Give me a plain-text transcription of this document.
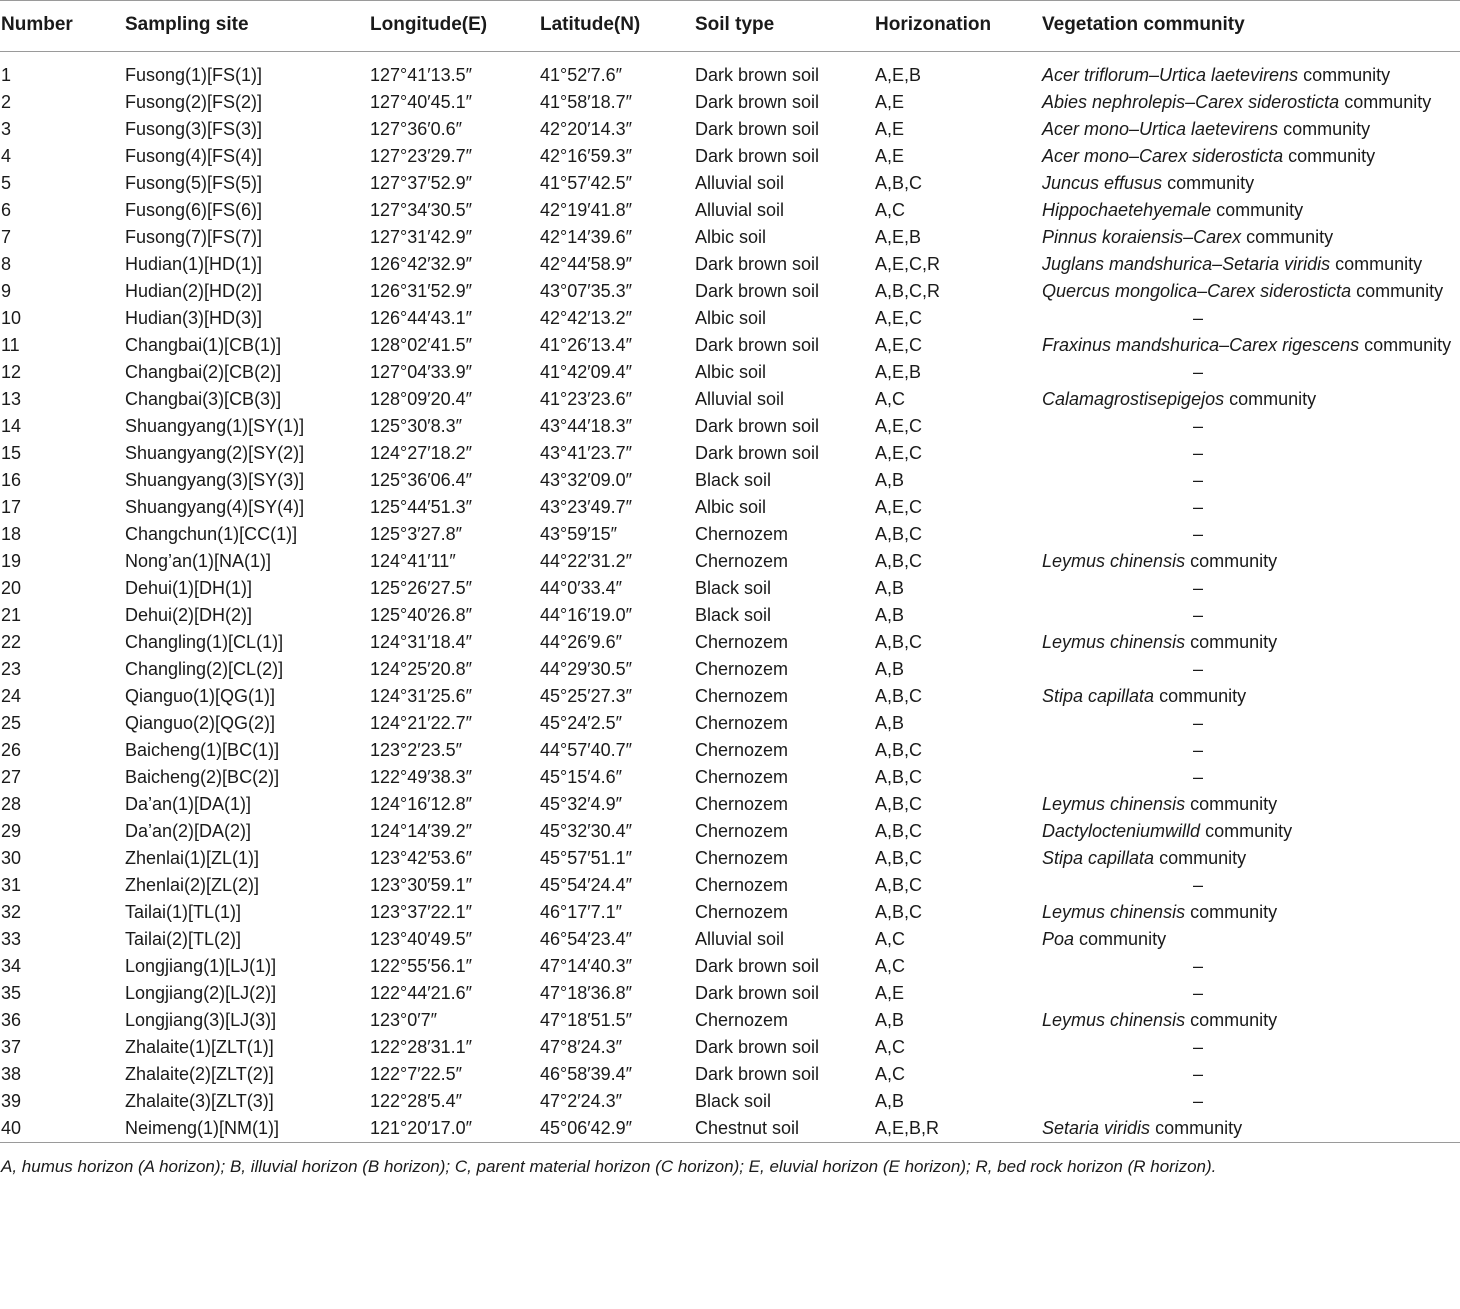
Number	Sampling site	Longitude(E)	Latitude(N)	Soil type	Horizonation	Vegetation community
1	Fusong(1)[FS(1)]	127°41′13.5″	41°52′7.6″	Dark brown soil	A,E,B	Acer triflorum–Urtica laetevirens community
2	Fusong(2)[FS(2)]	127°40′45.1″	41°58′18.7″	Dark brown soil	A,E	Abies nephrolepis–Carex siderosticta community
3	Fusong(3)[FS(3)]	127°36′0.6″	42°20′14.3″	Dark brown soil	A,E	Acer mono–Urtica laetevirens community
4	Fusong(4)[FS(4)]	127°23′29.7″	42°16′59.3″	Dark brown soil	A,E	Acer mono–Carex siderosticta community
5	Fusong(5)[FS(5)]	127°37′52.9″	41°57′42.5″	Alluvial soil	A,B,C	Juncus effusus community
6	Fusong(6)[FS(6)]	127°34′30.5″	42°19′41.8″	Alluvial soil	A,C	Hippochaetehyemale community
7	Fusong(7)[FS(7)]	127°31′42.9″	42°14′39.6″	Albic soil	A,E,B	Pinnus koraiensis–Carex community
8	Hudian(1)[HD(1)]	126°42′32.9″	42°44′58.9″	Dark brown soil	A,E,C,R	Juglans mandshurica–Setaria viridis community
9	Hudian(2)[HD(2)]	126°31′52.9″	43°07′35.3″	Dark brown soil	A,B,C,R	Quercus mongolica–Carex siderosticta community
10	Hudian(3)[HD(3)]	126°44′43.1″	42°42′13.2″	Albic soil	A,E,C	–

11	Changbai(1)[CB(1)]	128°02′41.5″	41°26′13.4″	Dark brown soil	A,E,C	Fraxinus mandshurica–Carex rigescens community
12	Changbai(2)[CB(2)]	127°04′33.9″	41°42′09.4″	Albic soil	A,E,B	–

13	Changbai(3)[CB(3)]	128°09′20.4″	41°23′23.6″	Alluvial soil	A,C	Calamagrostisepigejos community
14	Shuangyang(1)[SY(1)]	125°30′8.3″	43°44′18.3″	Dark brown soil	A,E,C	–

15	Shuangyang(2)[SY(2)]	124°27′18.2″	43°41′23.7″	Dark brown soil	A,E,C	–

16	Shuangyang(3)[SY(3)]	125°36′06.4″	43°32′09.0″	Black soil	A,B	–

17	Shuangyang(4)[SY(4)]	125°44′51.3″	43°23′49.7″	Albic soil	A,E,C	–

18	Changchun(1)[CC(1)]	125°3′27.8″	43°59′15″	Chernozem	A,B,C	–

19	Nong’an(1)[NA(1)]	124°41′11″	44°22′31.2″	Chernozem	A,B,C	Leymus chinensis community
20	Dehui(1)[DH(1)]	125°26′27.5″	44°0′33.4″	Black soil	A,B	–

21	Dehui(2)[DH(2)]	125°40′26.8″	44°16′19.0″	Black soil	A,B	–

22	Changling(1)[CL(1)]	124°31′18.4″	44°26′9.6″	Chernozem	A,B,C	Leymus chinensis community
23	Changling(2)[CL(2)]	124°25′20.8″	44°29′30.5″	Chernozem	A,B	–

24	Qianguo(1)[QG(1)]	124°31′25.6″	45°25′27.3″	Chernozem	A,B,C	Stipa capillata community
25	Qianguo(2)[QG(2)]	124°21′22.7″	45°24′2.5″	Chernozem	A,B	–

26	Baicheng(1)[BC(1)]	123°2′23.5″	44°57′40.7″	Chernozem	A,B,C	–

27	Baicheng(2)[BC(2)]	122°49′38.3″	45°15′4.6″	Chernozem	A,B,C	–

28	Da’an(1)[DA(1)]	124°16′12.8″	45°32′4.9″	Chernozem	A,B,C	Leymus chinensis community
29	Da’an(2)[DA(2)]	124°14′39.2″	45°32′30.4″	Chernozem	A,B,C	Dactylocteniumwilld community
30	Zhenlai(1)[ZL(1)]	123°42′53.6″	45°57′51.1″	Chernozem	A,B,C	Stipa capillata community
31	Zhenlai(2)[ZL(2)]	123°30′59.1″	45°54′24.4″	Chernozem	A,B,C	–

32	Tailai(1)[TL(1)]	123°37′22.1″	46°17′7.1″	Chernozem	A,B,C	Leymus chinensis community
33	Tailai(2)[TL(2)]	123°40′49.5″	46°54′23.4″	Alluvial soil	A,C	Poa community
34	Longjiang(1)[LJ(1)]	122°55′56.1″	47°14′40.3″	Dark brown soil	A,C	–

35	Longjiang(2)[LJ(2)]	122°44′21.6″	47°18′36.8″	Dark brown soil	A,E	–

36	Longjiang(3)[LJ(3)]	123°0′7″	47°18′51.5″	Chernozem	A,B	Leymus chinensis community
37	Zhalaite(1)[ZLT(1)]	122°28′31.1″	47°8′24.3″	Dark brown soil	A,C	–

38	Zhalaite(2)[ZLT(2)]	122°7′22.5″	46°58′39.4″	Dark brown soil	A,C	–

39	Zhalaite(3)[ZLT(3)]	122°28′5.4″	47°2′24.3″	Black soil	A,B	–

40	Neimeng(1)[NM(1)]	121°20′17.0″	45°06′42.9″	Chestnut soil	A,E,B,R	Setaria viridis community
A, humus horizon (A horizon); B, illuvial horizon (B horizon); C, parent material horizon (C horizon); E, eluvial horizon (E horizon); R, bed rock horizon (R horizon).						
